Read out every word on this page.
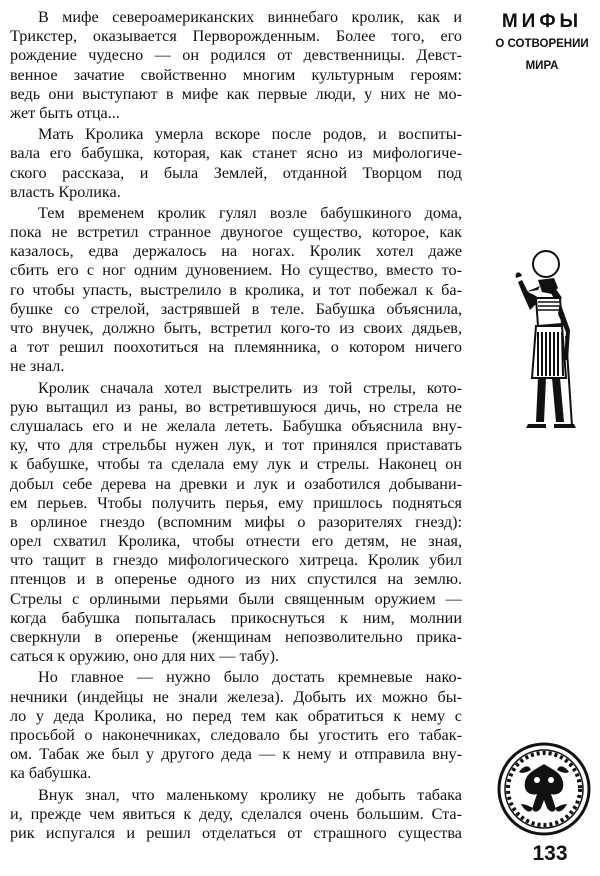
В мифе североамериканских виннебаго кролик, как и
Трикстер, оказывается Перворожденным. Более того, его
рождение чудесно — он родился от девственницы. Девст-
венное зачатие свойственно многим культурным героям:
ведь они выступают в мифе как первые люди, у них не мо-
жет быть отца...
Мать Кролика умерла вскоре после родов, и воспиты-
вала его бабушка, которая, как станет ясно из мифологиче-
ского рассказа, и была Землей, отданной Творцом под
власть Кролика.
Тем временем кролик гулял возле бабушкиного дома,
пока не встретил странное двуногое существо, которое, как
казалось, едва держалось на ногах. Кролик хотел даже
сбить его с ног одним дуновением. Но существо, вместо то-
го чтобы упасть, выстрелило в кролика, и тот побежал к ба-
бушке со стрелой, застрявшей в теле. Бабушка объяснила,
что внучек, должно быть, встретил кого-то из своих дядьев,
а тот решил поохотиться на племянника, о котором ничего
не знал.
Кролик сначала хотел выстрелить из той стрелы, кото-
рую вытащил из раны, во встретившуюся дичь, но стрела не
слушалась его и не желала лететь. Бабушка объяснила вну-
ку, что для стрельбы нужен лук, и тот принялся приставать
к бабушке, чтобы та сделала ему лук и стрелы. Наконец он
добыл себе дерева на древки и лук и озаботился добывани-
ем перьев. Чтобы получить перья, ему пришлось подняться
в орлиное гнездо (вспомним мифы о разорителях гнезд):
орел схватил Кролика, чтобы отнести его детям, не зная,
что тащит в гнездо мифологического хитреца. Кролик убил
птенцов и в оперенье одного из них спустился на землю.
Стрелы с орлиными перьями были священным оружием —
когда бабушка попыталась прикоснуться к ним, молнии
сверкнули в оперенье (женщинам непозволительно прика-
саться к оружию, оно для них — табу).
Но главное — нужно было достать кремневые нако-
нечники (индейцы не знали железа). Добыть их можно бы-
ло у деда Кролика, но перед тем как обратиться к нему с
просьбой о наконечниках, следовало бы угостить его табак-
ом. Табак же был у другого деда — к нему и отправила вну-
ка бабушка.
Внук знал, что маленькому кролику не добыть табака
и, прежде чем явиться к деду, сделался очень большим. Ста-
рик испугался и решил отделаться от страшного существа
МИФЫ
О СОТВОРЕНИИ
МИРА
133
